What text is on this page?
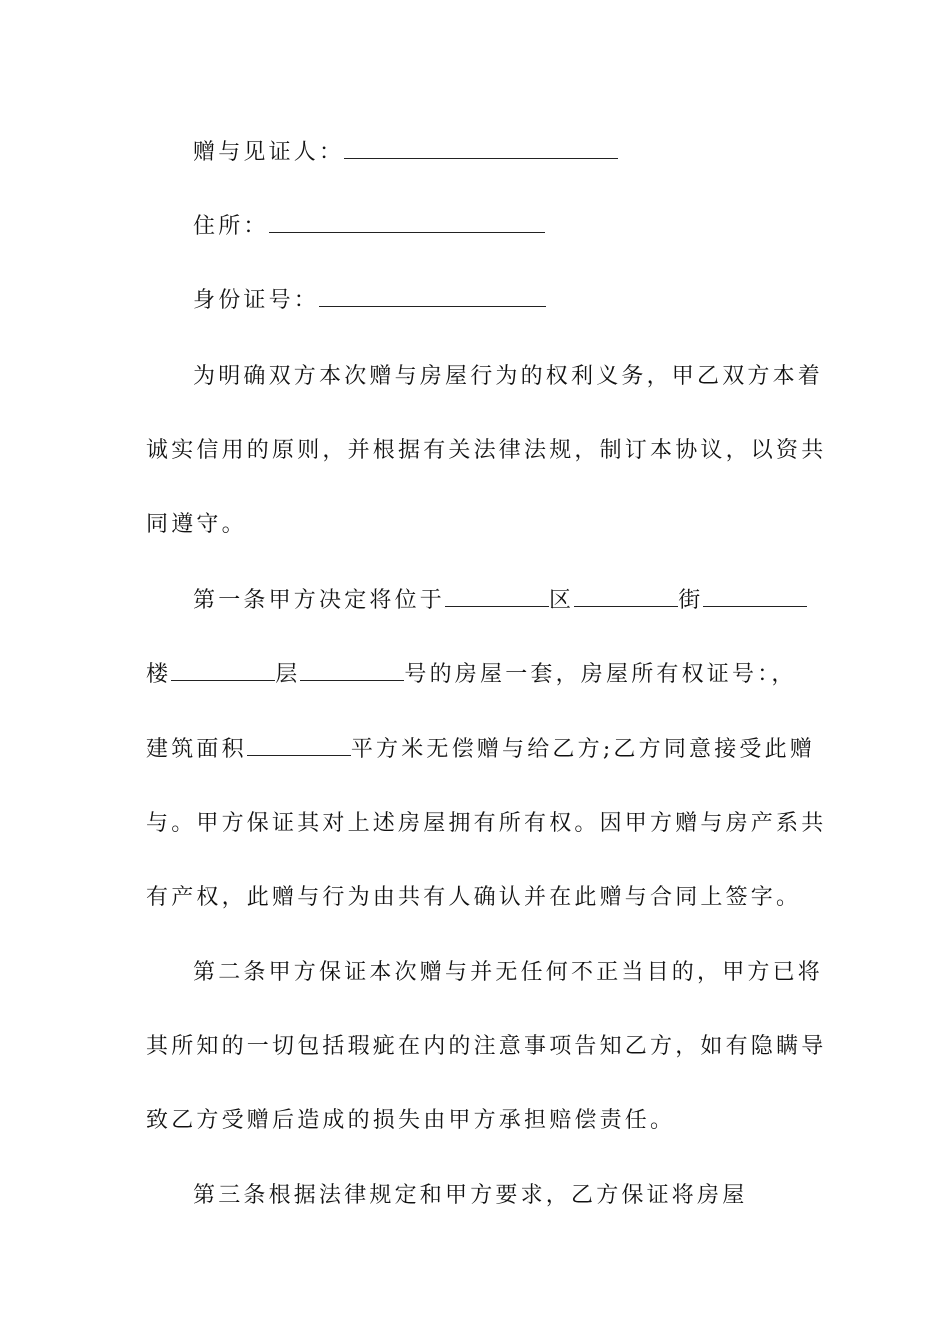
赠与见证人：
住所：
身份证号：
为明确双方本次赠与房屋行为的权利义务，甲乙双方本着
诚实信用的原则，并根据有关法律法规，制订本协议，以资共
同遵守。
第一条甲方决定将位于	区	街
楼	层	号的房屋一套，房屋所有权证号：，
建筑面积	平方米无偿赠与给乙方;乙方同意接受此赠
与。甲方保证其对上述房屋拥有所有权。因甲方赠与房产系共
有产权，此赠与行为由共有人确认并在此赠与合同上签字。
第二条甲方保证本次赠与并无任何不正当目的，甲方已将
其所知的一切包括瑕疵在内的注意事项告知乙方，如有隐瞒导
致乙方受赠后造成的损失由甲方承担赔偿责任。
第三条根据法律规定和甲方要求，乙方保证将房屋
